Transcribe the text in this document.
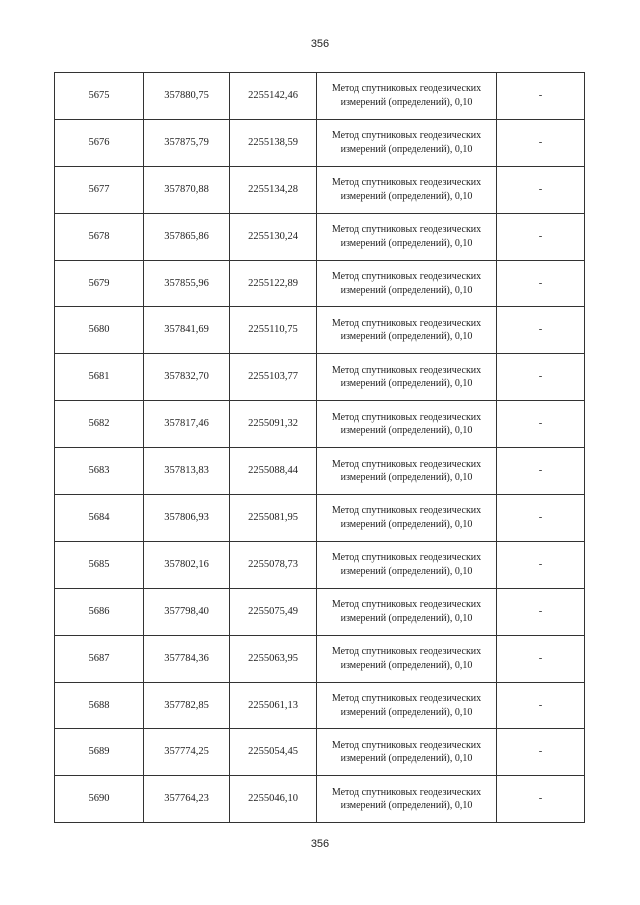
356
5675	357880,75	2255142,46	Метод спутниковых геодезических измерений (определений), 0,10	-
5676	357875,79	2255138,59	Метод спутниковых геодезических измерений (определений), 0,10	-
5677	357870,88	2255134,28	Метод спутниковых геодезических измерений (определений), 0,10	-
5678	357865,86	2255130,24	Метод спутниковых геодезических измерений (определений), 0,10	-
5679	357855,96	2255122,89	Метод спутниковых геодезических измерений (определений), 0,10	-
5680	357841,69	2255110,75	Метод спутниковых геодезических измерений (определений), 0,10	-
5681	357832,70	2255103,77	Метод спутниковых геодезических измерений (определений), 0,10	-
5682	357817,46	2255091,32	Метод спутниковых геодезических измерений (определений), 0,10	-
5683	357813,83	2255088,44	Метод спутниковых геодезических измерений (определений), 0,10	-
5684	357806,93	2255081,95	Метод спутниковых геодезических измерений (определений), 0,10	-
5685	357802,16	2255078,73	Метод спутниковых геодезических измерений (определений), 0,10	-
5686	357798,40	2255075,49	Метод спутниковых геодезических измерений (определений), 0,10	-
5687	357784,36	2255063,95	Метод спутниковых геодезических измерений (определений), 0,10	-
5688	357782,85	2255061,13	Метод спутниковых геодезических измерений (определений), 0,10	-
5689	357774,25	2255054,45	Метод спутниковых геодезических измерений (определений), 0,10	-
5690	357764,23	2255046,10	Метод спутниковых геодезических измерений (определений), 0,10	-
356
